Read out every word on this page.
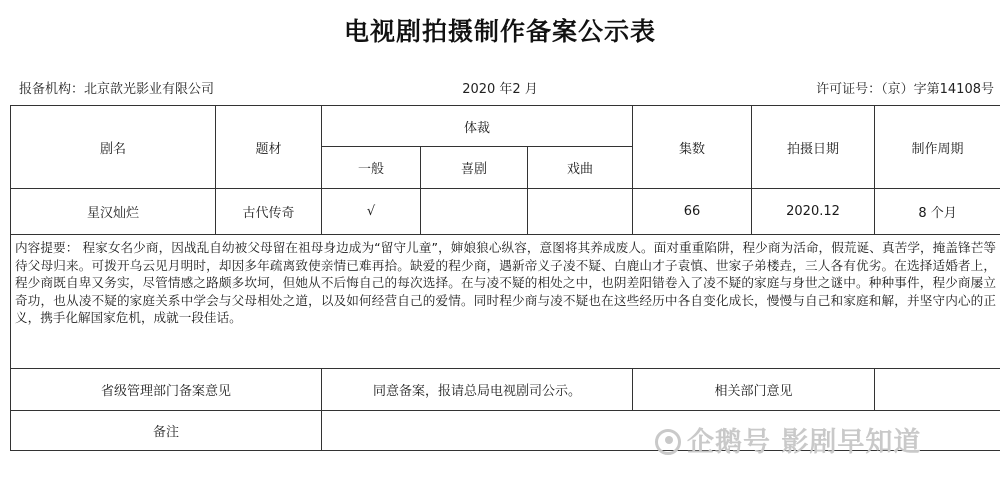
电视剧拍摄制作备案公示表
报备机构：北京歆光影业有限公司	2020 年2 月	许可证号：（京）字第14108号
剧名	题材	体裁			集数	拍摄日期	制作周期
		一般	喜剧	戏曲			
星汉灿烂	古代传奇	√			66	2020.12	8 个月
内容提要： 程家女名少商，因战乱自幼被父母留在祖母身边成为“留守儿童”，婶娘狼心纵容，意图将其养成废人。面对重重陷阱，程少商为活命，假荒诞、真苦学，掩盖锋芒等待父母归来。可拨开乌云见月明时，却因多年疏离致使亲情已难再拾。缺爱的程少商，遇新帝义子凌不疑、白鹿山才子袁慎、世家子弟楼垚，三人各有优劣。在选择适婚者上，程少商既自卑又务实，尽管情感之路颇多坎坷，但她从不后悔自己的每次选择。在与凌不疑的相处之中，也阴差阳错卷入了凌不疑的家庭与身世之谜中。种种事件，程少商屡立奇功，也从凌不疑的家庭关系中学会与父母相处之道，以及如何经营自己的爱情。同时程少商与凌不疑也在这些经历中各自变化成长，慢慢与自己和家庭和解，并坚守内心的正义，携手化解国家危机，成就一段佳话。							
省级管理部门备案意见		同意备案，报请总局电视剧司公示。			相关部门意见		
备注								企鹅号 影剧早知道
